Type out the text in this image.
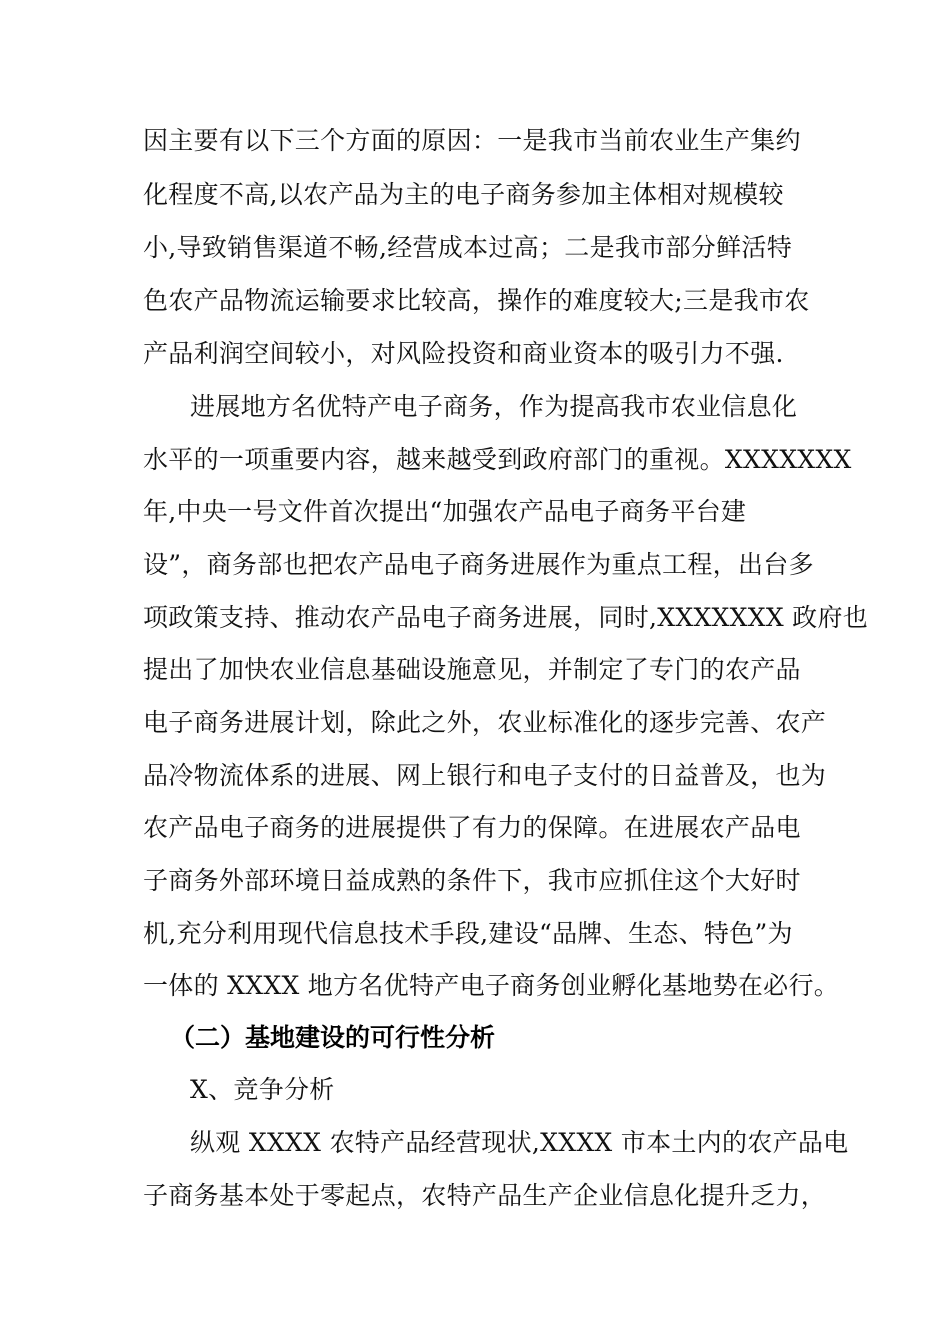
因主要有以下三个方面的原因：一是我市当前农业生产集约
化程度不高,以农产品为主的电子商务参加主体相对规模较
小,导致销售渠道不畅,经营成本过高；二是我市部分鲜活特
色农产品物流运输要求比较高，操作的难度较大;三是我市农
产品利润空间较小，对风险投资和商业资本的吸引力不强.
进展地方名优特产电子商务，作为提高我市农业信息化
水平的一项重要内容，越来越受到政府部门的重视。XXXXXXX
年,中央一号文件首次提出“加强农产品电子商务平台建
设”，商务部也把农产品电子商务进展作为重点工程，出台多
项政策支持、推动农产品电子商务进展，同时,XXXXXXX 政府也
提出了加快农业信息基础设施意见，并制定了专门的农产品
电子商务进展计划，除此之外，农业标准化的逐步完善、农产
品冷物流体系的进展、网上银行和电子支付的日益普及，也为
农产品电子商务的进展提供了有力的保障。在进展农产品电
子商务外部环境日益成熟的条件下，我市应抓住这个大好时
机,充分利用现代信息技术手段,建设“品牌、生态、特色”为
一体的 XXXX 地方名优特产电子商务创业孵化基地势在必行。
（二）基地建设的可行性分析
X、竞争分析
纵观 XXXX 农特产品经营现状,XXXX 市本土内的农产品电
子商务基本处于零起点，农特产品生产企业信息化提升乏力，
